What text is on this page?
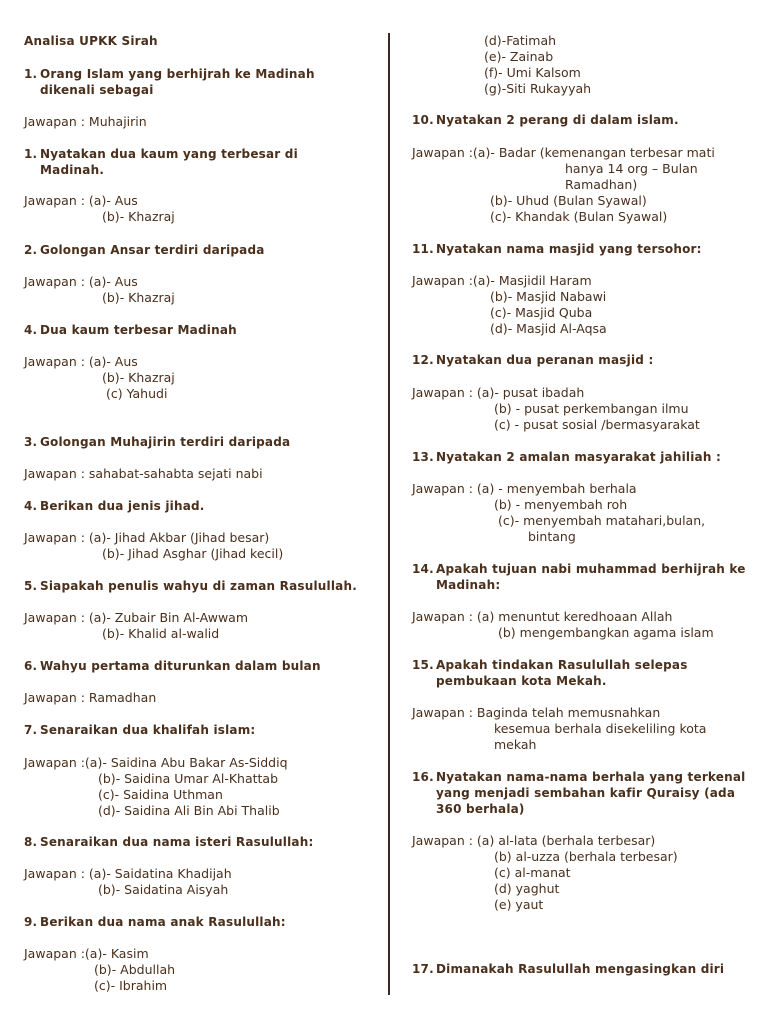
Analisa UPKK Sirah
1. Orang Islam yang berhijrah ke Madinah
dikenali sebagai
Jawapan : Muhajirin
1. Nyatakan dua kaum yang terbesar di
Madinah.
Jawapan : (a)- Aus
(b)- Khazraj
2. Golongan Ansar terdiri daripada
Jawapan : (a)- Aus
(b)- Khazraj
4. Dua kaum terbesar Madinah
Jawapan : (a)- Aus
(b)- Khazraj
(c) Yahudi
3. Golongan Muhajirin terdiri daripada
Jawapan : sahabat-sahabta sejati nabi
4. Berikan dua jenis jihad.
Jawapan : (a)- Jihad Akbar (Jihad besar)
(b)- Jihad Asghar (Jihad kecil)
5. Siapakah penulis wahyu di zaman Rasulullah.
Jawapan : (a)- Zubair Bin Al-Awwam
(b)- Khalid al-walid
6. Wahyu pertama diturunkan dalam bulan
Jawapan : Ramadhan
7. Senaraikan dua khalifah islam:
Jawapan :(a)- Saidina Abu Bakar As-Siddiq
(b)- Saidina Umar Al-Khattab
(c)- Saidina Uthman
(d)- Saidina Ali Bin Abi Thalib
8. Senaraikan dua nama isteri Rasulullah:
Jawapan : (a)- Saidatina Khadijah
(b)- Saidatina Aisyah
9. Berikan dua nama anak Rasulullah:
Jawapan :(a)- Kasim
(b)- Abdullah
(c)- Ibrahim
(d)-Fatimah
(e)- Zainab
(f)- Umi Kalsom
(g)-Siti Rukayyah
10. Nyatakan 2 perang di dalam islam.
Jawapan :(a)- Badar (kemenangan terbesar mati
hanya 14 org – Bulan
Ramadhan)
(b)- Uhud (Bulan Syawal)
(c)- Khandak (Bulan Syawal)
11. Nyatakan nama masjid yang tersohor:
Jawapan :(a)- Masjidil Haram
(b)- Masjid Nabawi
(c)- Masjid Quba
(d)- Masjid Al-Aqsa
12. Nyatakan dua peranan masjid :
Jawapan : (a)- pusat ibadah
(b) - pusat perkembangan ilmu
(c) - pusat sosial /bermasyarakat
13. Nyatakan 2 amalan masyarakat jahiliah :
Jawapan : (a) - menyembah berhala
(b) - menyembah roh
(c)- menyembah matahari,bulan,
bintang
14. Apakah tujuan nabi muhammad berhijrah ke
Madinah:
Jawapan : (a) menuntut keredhoaan Allah
(b) mengembangkan agama islam
15. Apakah tindakan Rasulullah selepas
pembukaan kota Mekah.
Jawapan : Baginda telah memusnahkan
kesemua berhala disekeliling kota
mekah
16. Nyatakan nama-nama berhala yang terkenal
yang menjadi sembahan kafir Quraisy (ada
360 berhala)
Jawapan : (a) al-lata (berhala terbesar)
(b) al-uzza (berhala terbesar)
(c) al-manat
(d) yaghut
(e) yaut
17. Dimanakah Rasulullah mengasingkan diri
